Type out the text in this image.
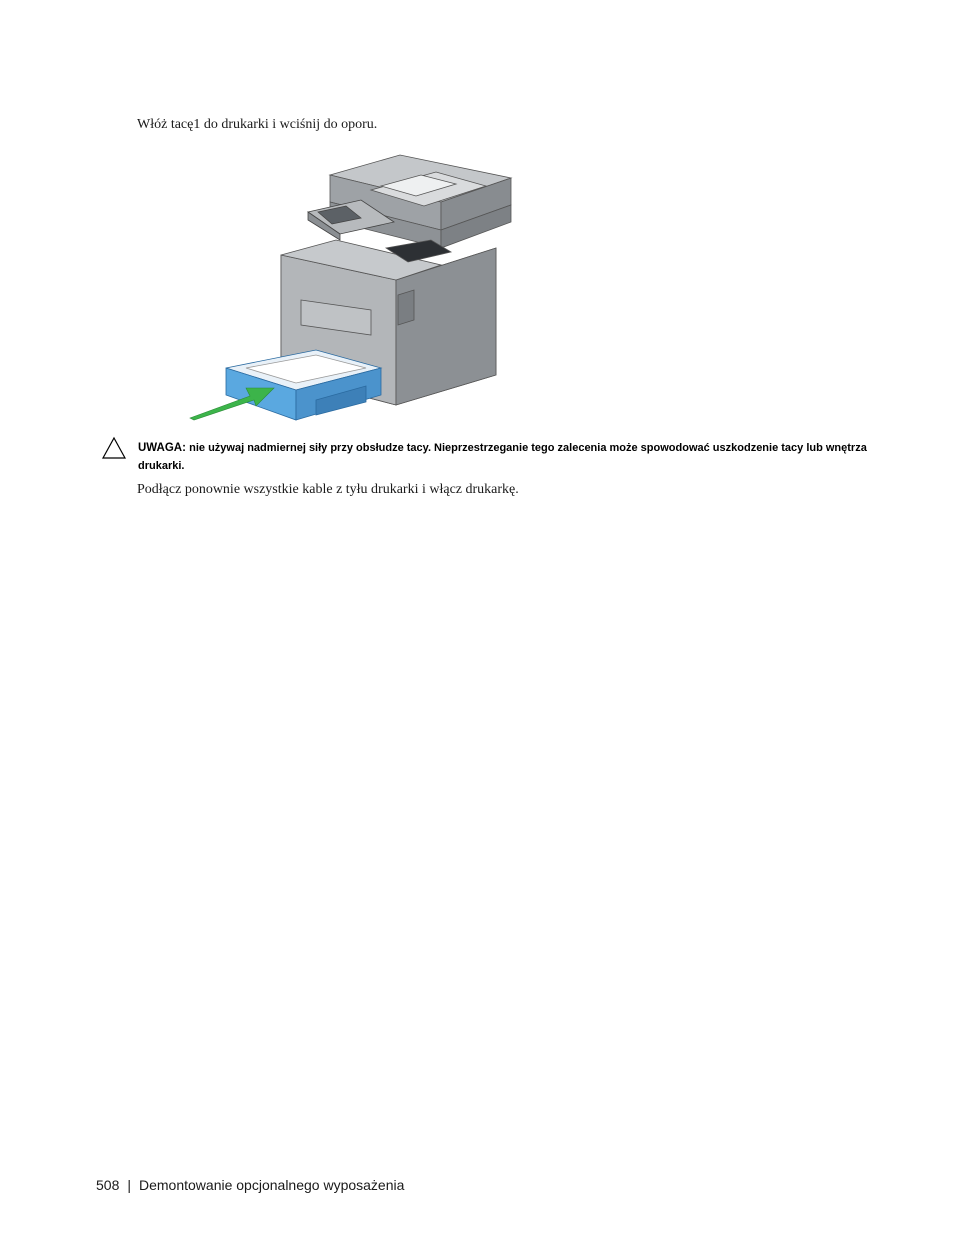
Włóż tacę1 do drukarki i wciśnij do oporu.

UWAGA: nie używaj nadmiernej siły przy obsłudze tacy. Nieprzestrzeganie tego zalecenia może spowodować uszkodzenie tacy lub wnętrza drukarki.

Podłącz ponownie wszystkie kable z tyłu drukarki i włącz drukarkę.

508 | Demontowanie opcjonalnego wyposażenia
